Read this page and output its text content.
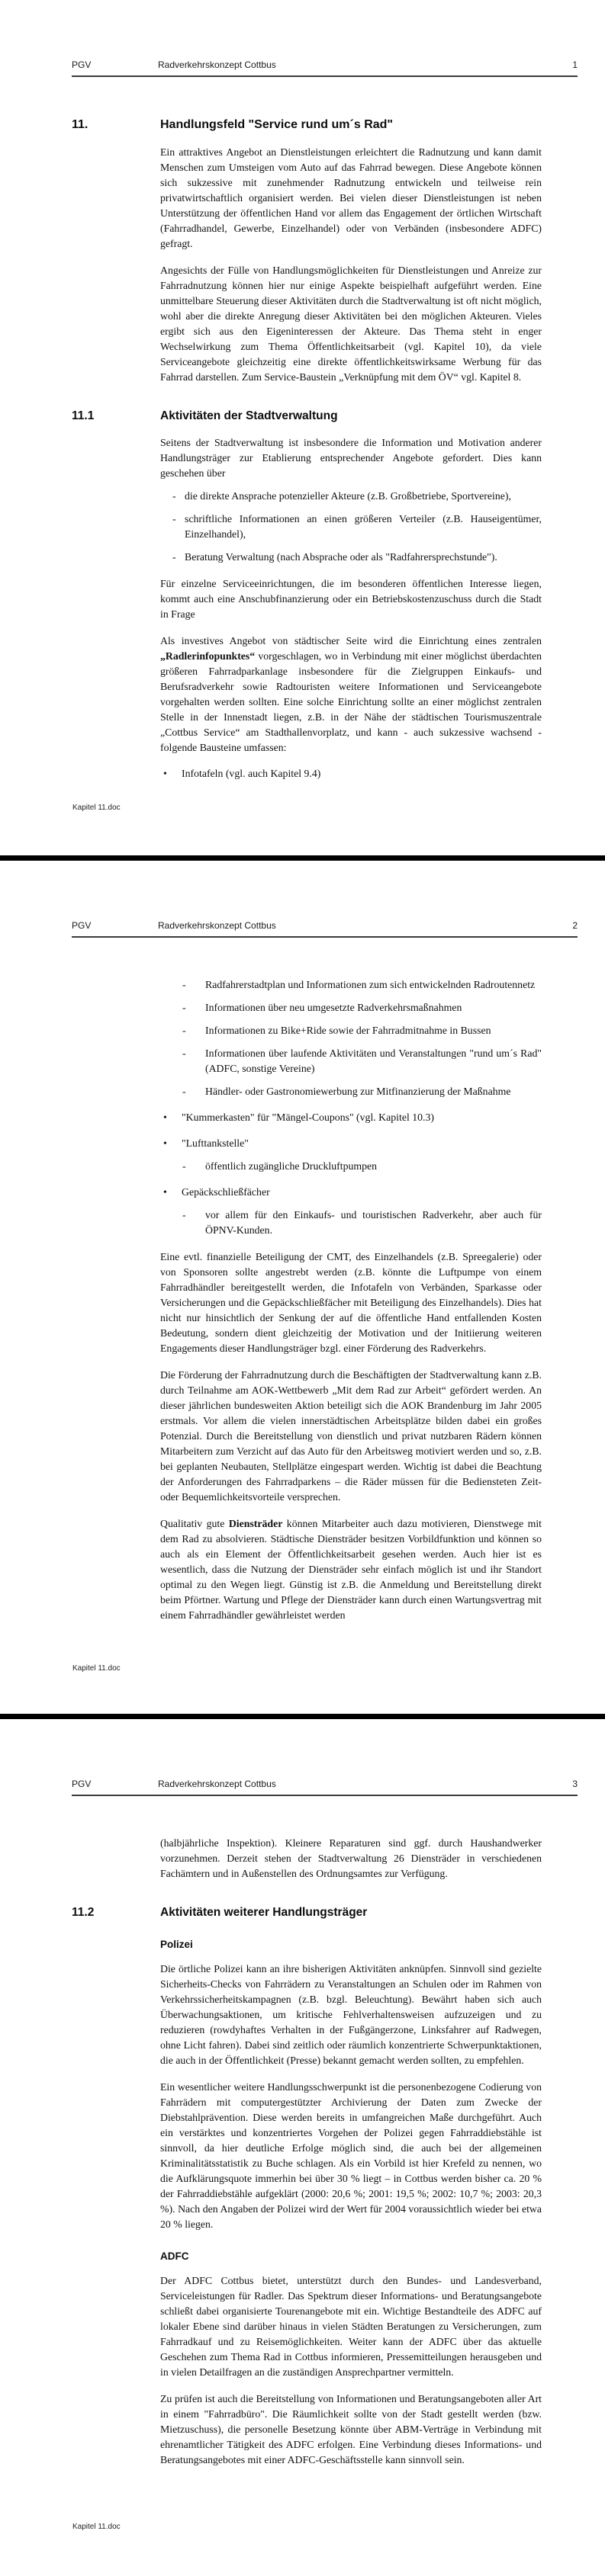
PGV	Radverkehrskonzept Cottbus	1
11.	Handlungsfeld "Service rund um´s Rad"

Ein attraktives Angebot an Dienstleistungen erleichtert die Radnutzung und kann damit Menschen zum Umsteigen vom Auto auf das Fahrrad bewegen. Diese Angebote können sich sukzessive mit zunehmender Radnutzung entwickeln und teilweise rein privatwirtschaftlich organisiert werden. Bei vielen dieser Dienstleistungen ist neben Unterstützung der öffentlichen Hand vor allem das Engagement der örtlichen Wirtschaft (Fahrradhandel, Gewerbe, Einzelhandel) oder von Verbänden (insbesondere ADFC) gefragt.

Angesichts der Fülle von Handlungsmöglichkeiten für Dienstleistungen und Anreize zur Fahrradnutzung können hier nur einige Aspekte beispielhaft aufgeführt werden. Eine unmittelbare Steuerung dieser Aktivitäten durch die Stadtverwaltung ist oft nicht möglich, wohl aber die direkte Anregung dieser Aktivitäten bei den möglichen Akteuren. Vieles ergibt sich aus den Eigeninteressen der Akteure. Das Thema steht in enger Wechselwirkung zum Thema Öffentlichkeitsarbeit (vgl. Kapitel 10), da viele Serviceangebote gleichzeitig eine direkte öffentlichkeitswirksame Werbung für das Fahrrad darstellen. Zum Service-Baustein „Verknüpfung mit dem ÖV“ vgl. Kapitel 8.

11.1	Aktivitäten der Stadtverwaltung

Seitens der Stadtverwaltung ist insbesondere die Information und Motivation anderer Handlungsträger zur Etablierung entsprechender Angebote gefordert. Dies kann geschehen über

- die direkte Ansprache potenzieller Akteure (z.B. Großbetriebe, Sportvereine),
- schriftliche Informationen an einen größeren Verteiler (z.B. Hauseigentümer, Einzelhandel),
- Beratung Verwaltung (nach Absprache oder als "Radfahrersprechstunde").

Für einzelne Serviceeinrichtungen, die im besonderen öffentlichen Interesse liegen, kommt auch eine Anschubfinanzierung oder ein Betriebskostenzuschuss durch die Stadt in Frage

Als investives Angebot von städtischer Seite wird die Einrichtung eines zentralen „Radlerinfopunktes“ vorgeschlagen, wo in Verbindung mit einer möglichst überdachten größeren Fahrradparkanlage insbesondere für die Zielgruppen Einkaufs- und Berufsradverkehr sowie Radtouristen weitere Informationen und Serviceangebote vorgehalten werden sollten. Eine solche Einrichtung sollte an einer möglichst zentralen Stelle in der Innenstadt liegen, z.B. in der Nähe der städtischen Tourismuszentrale „Cottbus Service“ am Stadthallenvorplatz, und kann - auch sukzessive wachsend - folgende Bausteine umfassen:

•	Infotafeln (vgl. auch Kapitel 9.4)
Kapitel 11.doc
PGV	Radverkehrskonzept Cottbus	2
-	Radfahrerstadtplan und Informationen zum sich entwickelnden Radroutennetz
-	Informationen über neu umgesetzte Radverkehrsmaßnahmen
-	Informationen zu Bike+Ride sowie der Fahrradmitnahme in Bussen
-	Informationen über laufende Aktivitäten und Veranstaltungen "rund um´s Rad" (ADFC, sonstige Vereine)
-	Händler- oder Gastronomiewerbung zur Mitfinanzierung der Maßnahme
•	"Kummerkasten" für "Mängel-Coupons" (vgl. Kapitel 10.3)
•	"Lufttankstelle"
-	öffentlich zugängliche Druckluftpumpen
•	Gepäckschließfächer
-	vor allem für den Einkaufs- und touristischen Radverkehr, aber auch für ÖPNV-Kunden.

Eine evtl. finanzielle Beteiligung der CMT, des Einzelhandels (z.B. Spreegalerie) oder von Sponsoren sollte angestrebt werden (z.B. könnte die Luftpumpe von einem Fahrradhändler bereitgestellt werden, die Infotafeln von Verbänden, Sparkasse oder Versicherungen und die Gepäckschließfächer mit Beteiligung des Einzelhandels). Dies hat nicht nur hinsichtlich der Senkung der auf die öffentliche Hand entfallenden Kosten Bedeutung, sondern dient gleichzeitig der Motivation und der Initiierung weiteren Engagements dieser Handlungsträger bzgl. einer Förderung des Radverkehrs.

Die Förderung der Fahrradnutzung durch die Beschäftigten der Stadtverwaltung kann z.B. durch Teilnahme am AOK-Wettbewerb „Mit dem Rad zur Arbeit“ gefördert werden. An dieser jährlichen bundesweiten Aktion beteiligt sich die AOK Brandenburg im Jahr 2005 erstmals. Vor allem die vielen innerstädtischen Arbeitsplätze bilden dabei ein großes Potenzial. Durch die Bereitstellung von dienstlich und privat nutzbaren Rädern können Mitarbeitern zum Verzicht auf das Auto für den Arbeitsweg motiviert werden und so, z.B. bei geplanten Neubauten, Stellplätze eingespart werden. Wichtig ist dabei die Beachtung der Anforderungen des Fahrradparkens – die Räder müssen für die Bediensteten Zeit- oder Bequemlichkeitsvorteile versprechen.

Qualitativ gute Diensträder können Mitarbeiter auch dazu motivieren, Dienstwege mit dem Rad zu absolvieren. Städtische Diensträder besitzen Vorbildfunktion und können so auch als ein Element der Öffentlichkeitsarbeit gesehen werden. Auch hier ist es wesentlich, dass die Nutzung der Diensträder sehr einfach möglich ist und ihr Standort optimal zu den Wegen liegt. Günstig ist z.B. die Anmeldung und Bereitstellung direkt beim Pförtner. Wartung und Pflege der Diensträder kann durch einen Wartungsvertrag mit einem Fahrradhändler gewährleistet werden

Kapitel 11.doc
PGV	Radverkehrskonzept Cottbus	3

(halbjährliche Inspektion). Kleinere Reparaturen sind ggf. durch Haushandwerker vorzunehmen. Derzeit stehen der Stadtverwaltung 26 Diensträder in verschiedenen Fachämtern und in Außenstellen des Ordnungsamtes zur Verfügung.

11.2	Aktivitäten weiterer Handlungsträger
Polizei

Die örtliche Polizei kann an ihre bisherigen Aktivitäten anknüpfen. Sinnvoll sind gezielte Sicherheits-Checks von Fahrrädern zu Veranstaltungen an Schulen oder im Rahmen von Verkehrssicherheitskampagnen (z.B. bzgl. Beleuchtung). Bewährt haben sich auch Überwachungsaktionen, um kritische Fehlverhaltensweisen aufzuzeigen und zu reduzieren (rowdyhaftes Verhalten in der Fußgängerzone, Linksfahrer auf Radwegen, ohne Licht fahren). Dabei sind zeitlich oder räumlich konzentrierte Schwerpunktaktionen, die auch in der Öffentlichkeit (Presse) bekannt gemacht werden sollten, zu empfehlen.

Ein wesentlicher weitere Handlungsschwerpunkt ist die personenbezogene Codierung von Fahrrädern mit computergestützter Archivierung der Daten zum Zwecke der Diebstahlprävention. Diese werden bereits in umfangreichen Maße durchgeführt. Auch ein verstärktes und konzentriertes Vorgehen der Polizei gegen Fahrraddiebstähle ist sinnvoll, da hier deutliche Erfolge möglich sind, die auch bei der allgemeinen Kriminalitätsstatistik zu Buche schlagen. Als ein Vorbild ist hier Krefeld zu nennen, wo die Aufklärungsquote immerhin bei über 30 % liegt – in Cottbus werden bisher ca. 20 % der Fahrraddiebstähle aufgeklärt (2000: 20,6 %; 2001: 19,5 %; 2002: 10,7 %; 2003: 20,3 %). Nach den Angaben der Polizei wird der Wert für 2004 voraussichtlich wieder bei etwa 20 % liegen.

ADFC

Der ADFC Cottbus bietet, unterstützt durch den Bundes- und Landesverband, Serviceleistungen für Radler. Das Spektrum dieser Informations- und Beratungsangebote schließt dabei organisierte Tourenangebote mit ein. Wichtige Bestandteile des ADFC auf lokaler Ebene sind darüber hinaus in vielen Städten Beratungen zu Versicherungen, zum Fahrradkauf und zu Reisemöglichkeiten. Weiter kann der ADFC über das aktuelle Geschehen zum Thema Rad in Cottbus informieren, Pressemitteilungen herausgeben und in vielen Detailfragen an die zuständigen Ansprechpartner vermitteln.

Zu prüfen ist auch die Bereitstellung von Informationen und Beratungsangeboten aller Art in einem "Fahrradbüro". Die Räumlichkeit sollte von der Stadt gestellt werden (bzw. Mietzuschuss), die personelle Besetzung könnte über ABM-Verträge in Verbindung mit ehrenamtlicher Tätigkeit des ADFC erfolgen. Eine Verbindung dieses Informations- und Beratungsangebotes mit einer ADFC-Geschäftsstelle kann sinnvoll sein.

Kapitel 11.doc
